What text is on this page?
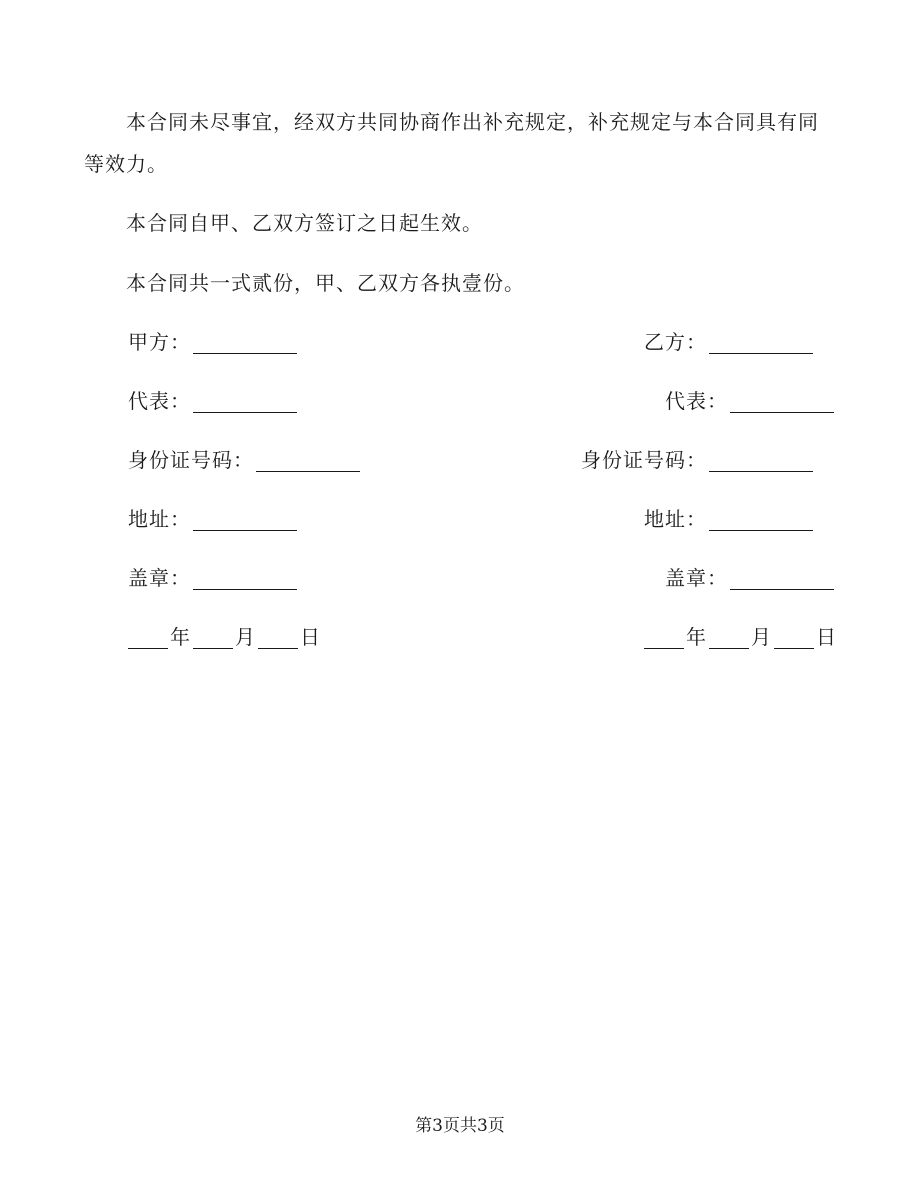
本合同未尽事宜，经双方共同协商作出补充规定，补充规定与本合同具有同等效力。

本合同自甲、乙双方签订之日起生效。

本合同共一式贰份，甲、乙双方各执壹份。

甲方：
代表：
身份证号码：
地址：
盖章：
年 月 日
乙方：
代表：
身份证号码：
地址：
盖章：
年 月 日
第3页共3页
